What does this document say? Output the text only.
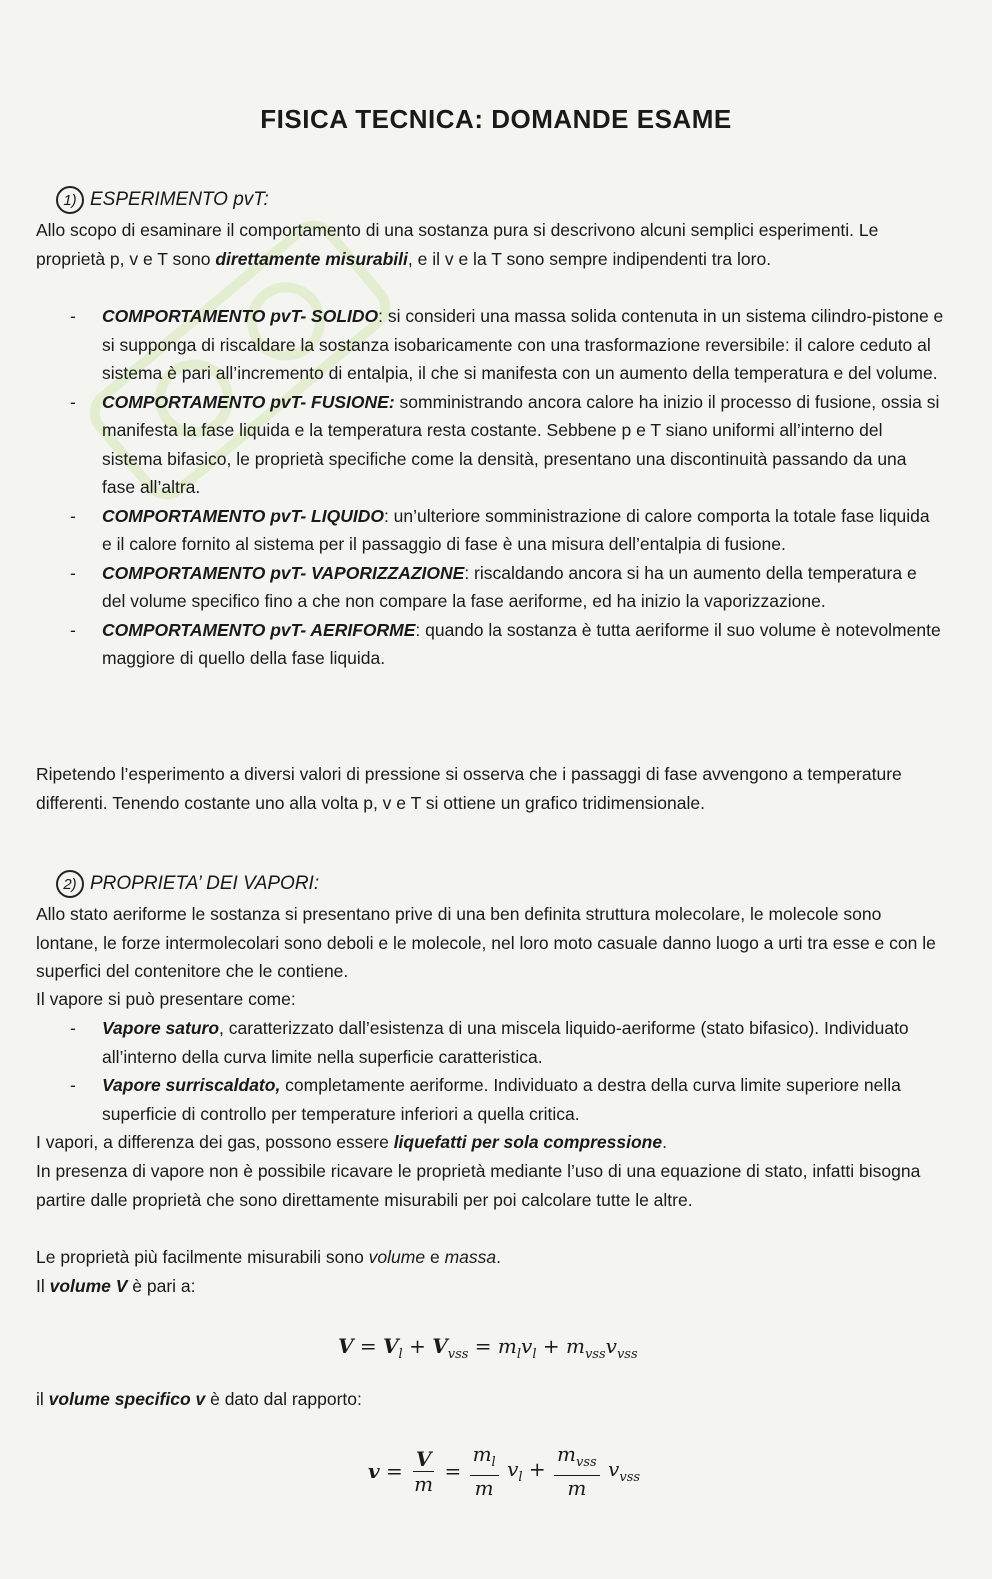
FISICA TECNICA: DOMANDE ESAME
1) ESPERIMENTO pvT:
Allo scopo di esaminare il comportamento di una sostanza pura si descrivono alcuni semplici esperimenti. Le proprietà p, v e T sono direttamente misurabili, e il v e la T sono sempre indipendenti tra loro.
- COMPORTAMENTO pvT- SOLIDO: si consideri una massa solida contenuta in un sistema cilindro-pistone e si supponga di riscaldare la sostanza isobaricamente con una trasformazione reversibile: il calore ceduto al sistema è pari all’incremento di entalpia, il che si manifesta con un aumento della temperatura e del volume.
- COMPORTAMENTO pvT- FUSIONE: somministrando ancora calore ha inizio il processo di fusione, ossia si manifesta la fase liquida e la temperatura resta costante. Sebbene p e T siano uniformi all’interno del sistema bifasico, le proprietà specifiche come la densità, presentano una discontinuità passando da una fase all’altra.
- COMPORTAMENTO pvT- LIQUIDO: un’ulteriore somministrazione di calore comporta la totale fase liquida e il calore fornito al sistema per il passaggio di fase è una misura dell’entalpia di fusione.
- COMPORTAMENTO pvT- VAPORIZZAZIONE: riscaldando ancora si ha un aumento della temperatura e del volume specifico fino a che non compare la fase aeriforme, ed ha inizio la vaporizzazione.
- COMPORTAMENTO pvT- AERIFORME: quando la sostanza è tutta aeriforme il suo volume è notevolmente maggiore di quello della fase liquida.
Ripetendo l’esperimento a diversi valori di pressione si osserva che i passaggi di fase avvengono a temperature differenti. Tenendo costante uno alla volta p, v e T si ottiene un grafico tridimensionale.
2) PROPRIETA’ DEI VAPORI:
Allo stato aeriforme le sostanza si presentano prive di una ben definita struttura molecolare, le molecole sono lontane, le forze intermolecolari sono deboli e le molecole, nel loro moto casuale danno luogo a urti tra esse e con le superfici del contenitore che le contiene.
Il vapore si può presentare come:
- Vapore saturo, caratterizzato dall’esistenza di una miscela liquido-aeriforme (stato bifasico). Individuato all’interno della curva limite nella superficie caratteristica.
- Vapore surriscaldato, completamente aeriforme. Individuato a destra della curva limite superiore nella superficie di controllo per temperature inferiori a quella critica.
I vapori, a differenza dei gas, possono essere liquefatti per sola compressione.
In presenza di vapore non è possibile ricavare le proprietà mediante l’uso di una equazione di stato, infatti bisogna partire dalle proprietà che sono direttamente misurabili per poi calcolare tutte le altre.
Le proprietà più facilmente misurabili sono volume e massa.
Il volume V è pari a:
$V = V_l + V_{vss} = m_lv_l + m_{vss}v_{vss}$
il volume specifico v è dato dal rapporto:
$v = \frac{V}{m} = \frac{m_l}{m} v_l + \frac{m_{vss}}{m} v_{vss}$
